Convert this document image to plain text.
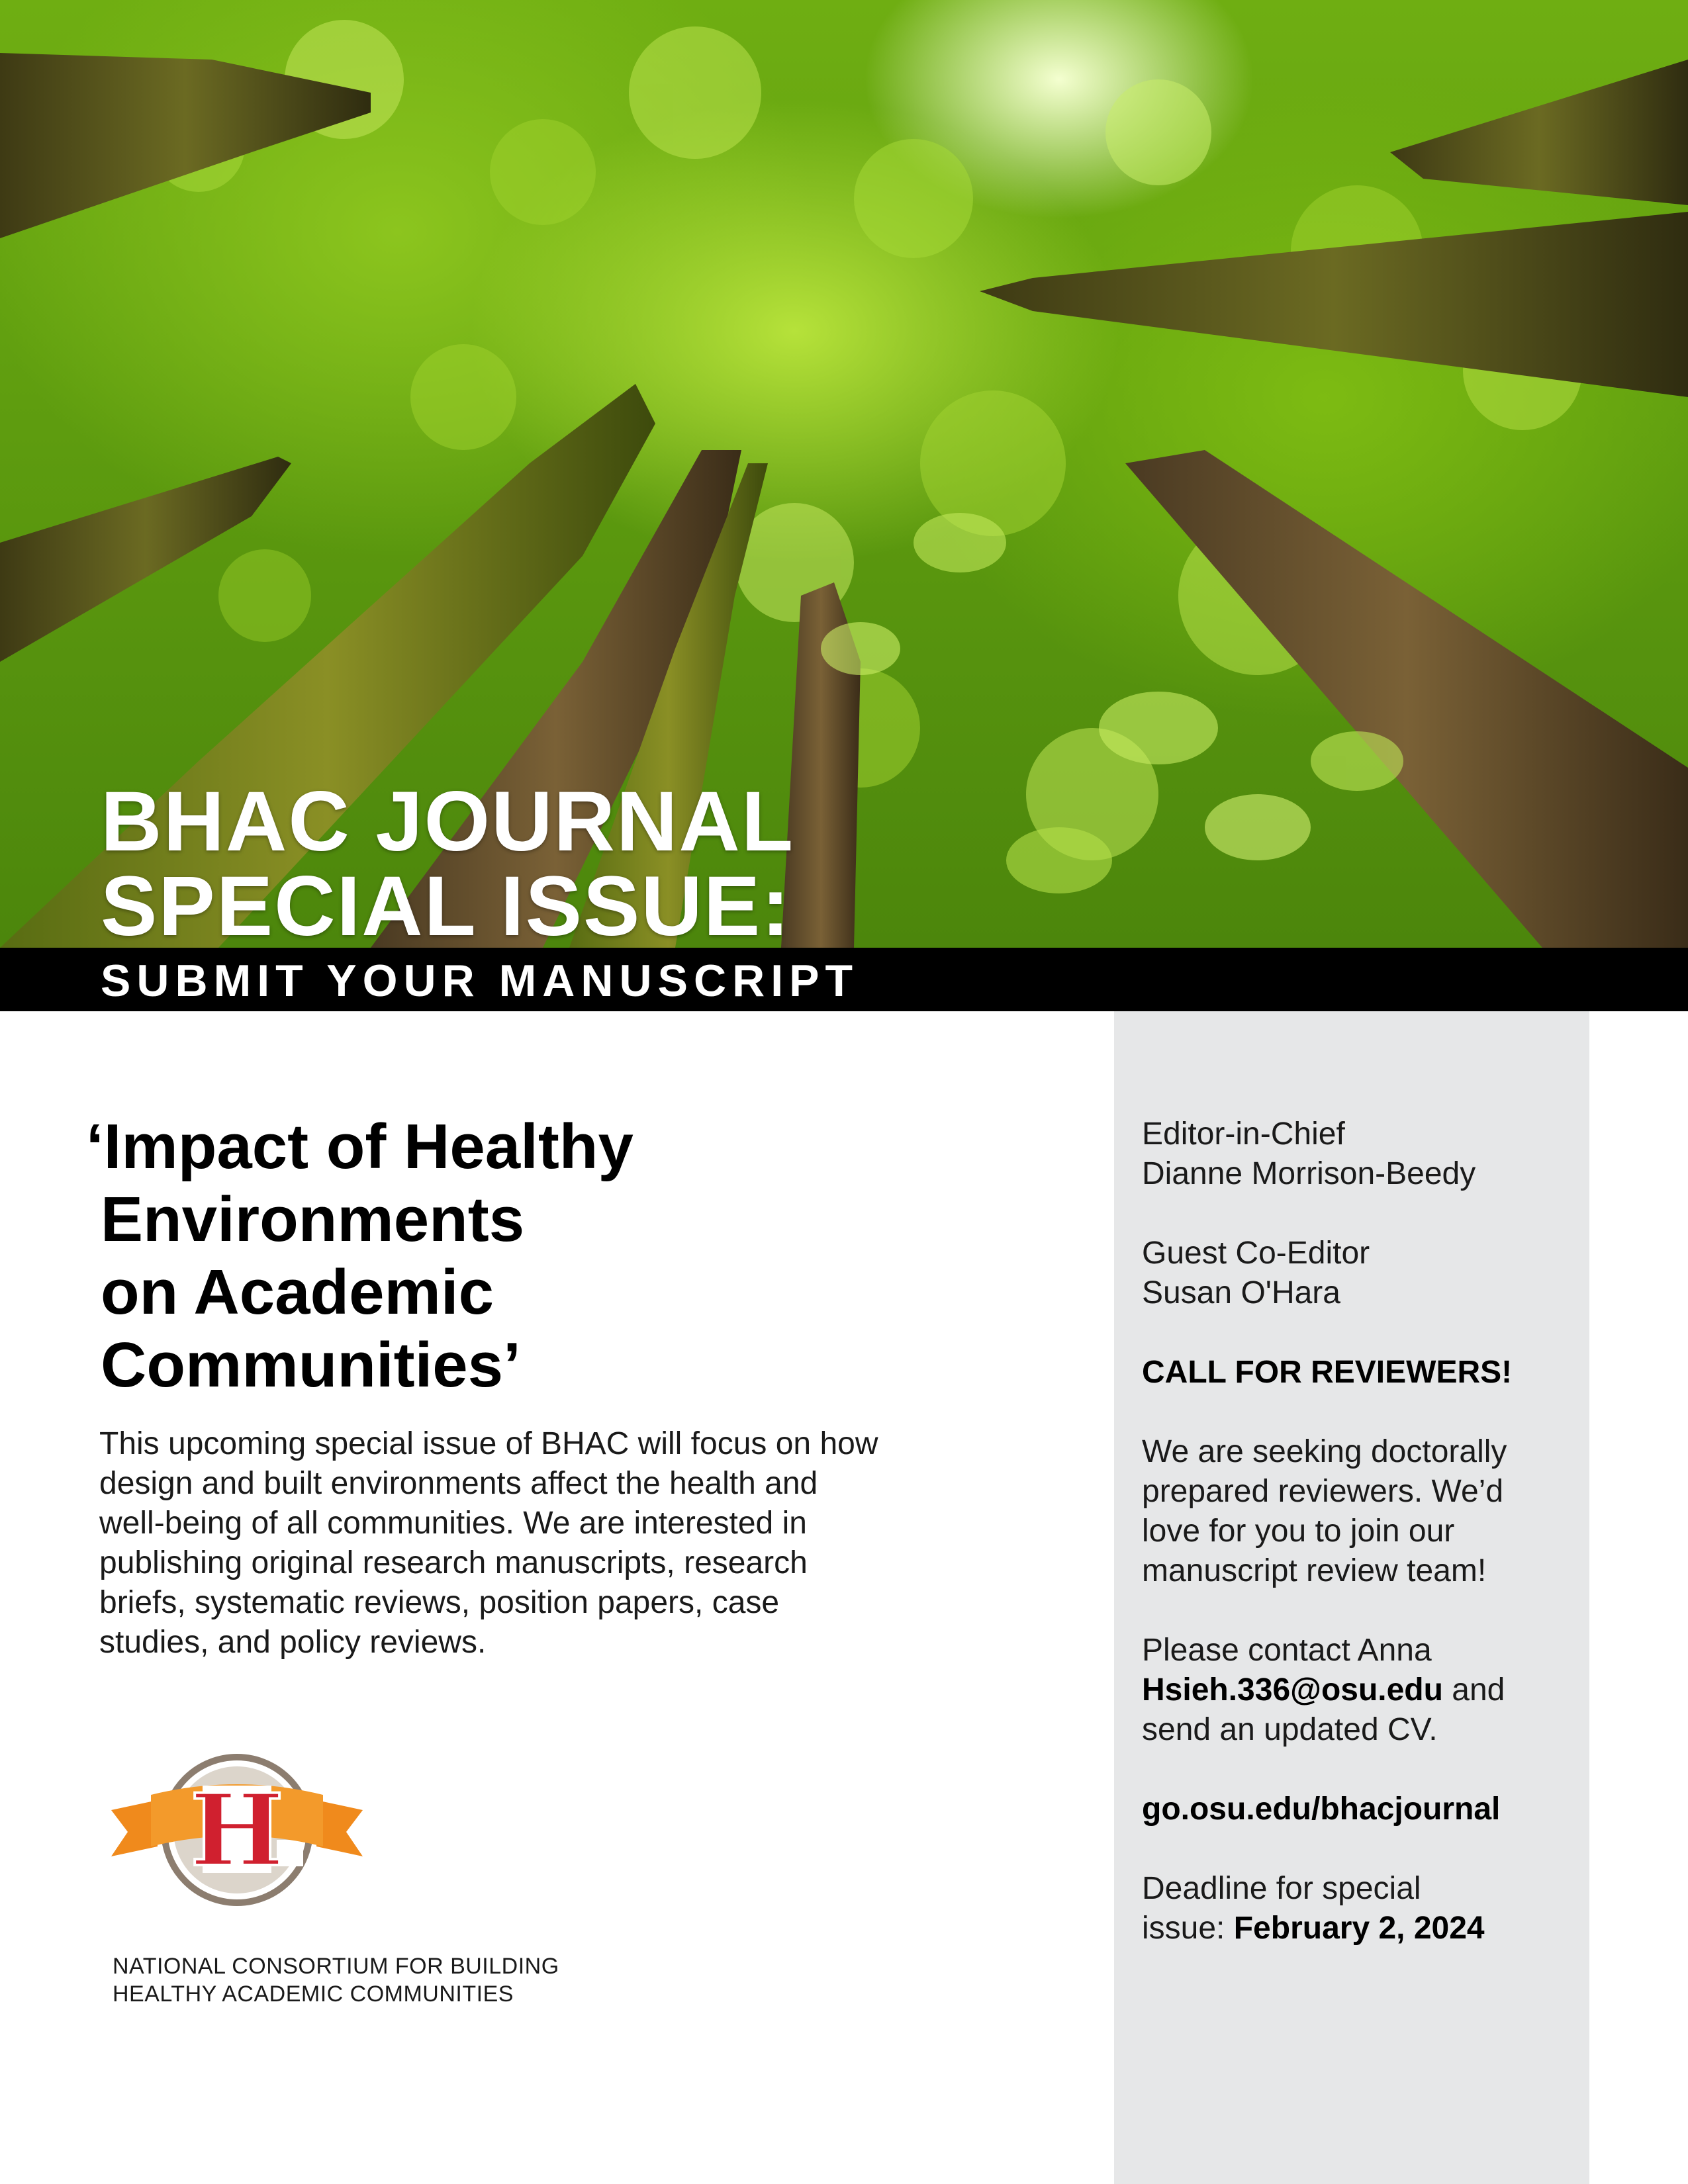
BHAC JOURNAL
SPECIAL ISSUE:
SUBMIT YOUR MANUSCRIPT
‘Impact of Healthy
Environments
on Academic
Communities’

This upcoming special issue of BHAC will focus on how design and built environments affect the health and well-being of all communities. We are interested in publishing original research manuscripts, research briefs, systematic reviews, position papers, case studies, and policy reviews.

H
NATIONAL CONSORTIUM FOR BUILDING
HEALTHY ACADEMIC COMMUNITIES
Editor-in-Chief
Dianne Morrison-Beedy
Guest Co-Editor
Susan O'Hara
CALL FOR REVIEWERS!
We are seeking doctorally
prepared reviewers. We’d
love for you to join our
manuscript review team!
Please contact Anna
Hsieh.336@osu.edu and
send an updated CV.
go.osu.edu/bhacjournal
Deadline for special
issue: February 2, 2024
